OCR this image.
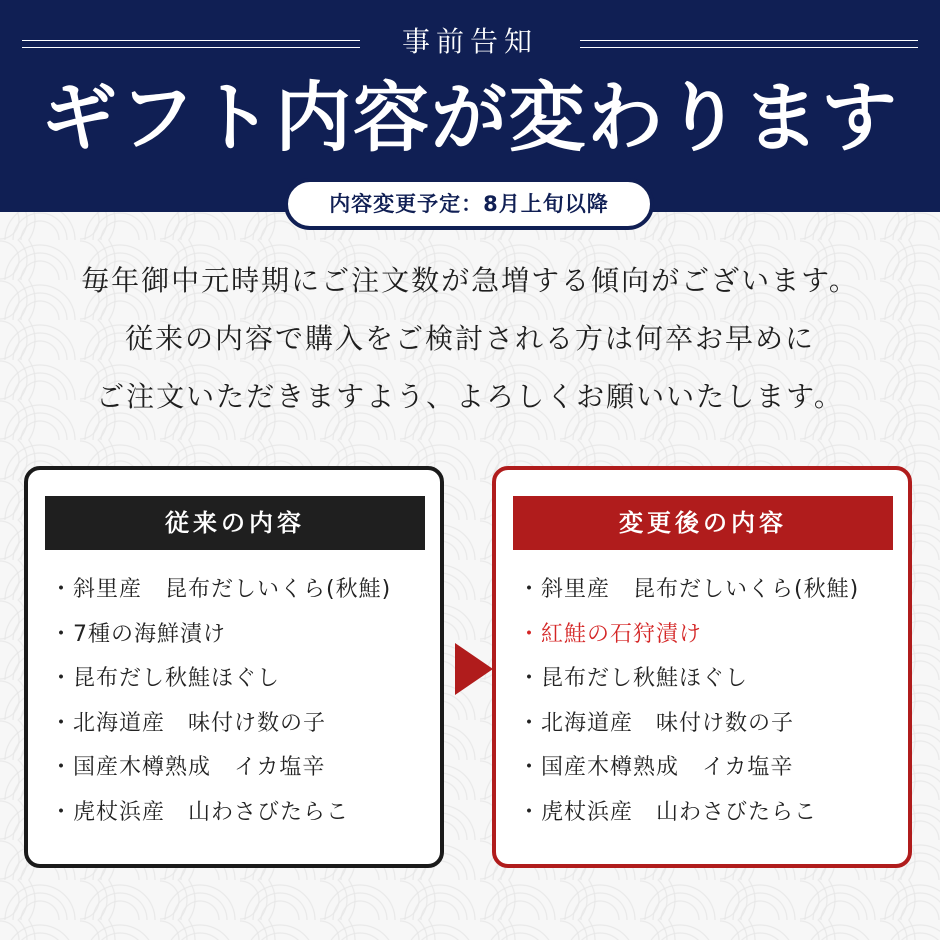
事前告知
ギフト内容が変わります
内容変更予定：8月上旬以降
毎年御中元時期にご注文数が急増する傾向がございます。
従来の内容で購入をご検討される方は何卒お早めに
ご注文いただきますよう、よろしくお願いいたします。
従来の内容
・斜里産　昆布だしいくら(秋鮭)
・7種の海鮮漬け
・昆布だし秋鮭ほぐし
・北海道産　味付け数の子
・国産木樽熟成　イカ塩辛
・虎杖浜産　山わさびたらこ
変更後の内容
・斜里産　昆布だしいくら(秋鮭)
・紅鮭の石狩漬け
・昆布だし秋鮭ほぐし
・北海道産　味付け数の子
・国産木樽熟成　イカ塩辛
・虎杖浜産　山わさびたらこ
